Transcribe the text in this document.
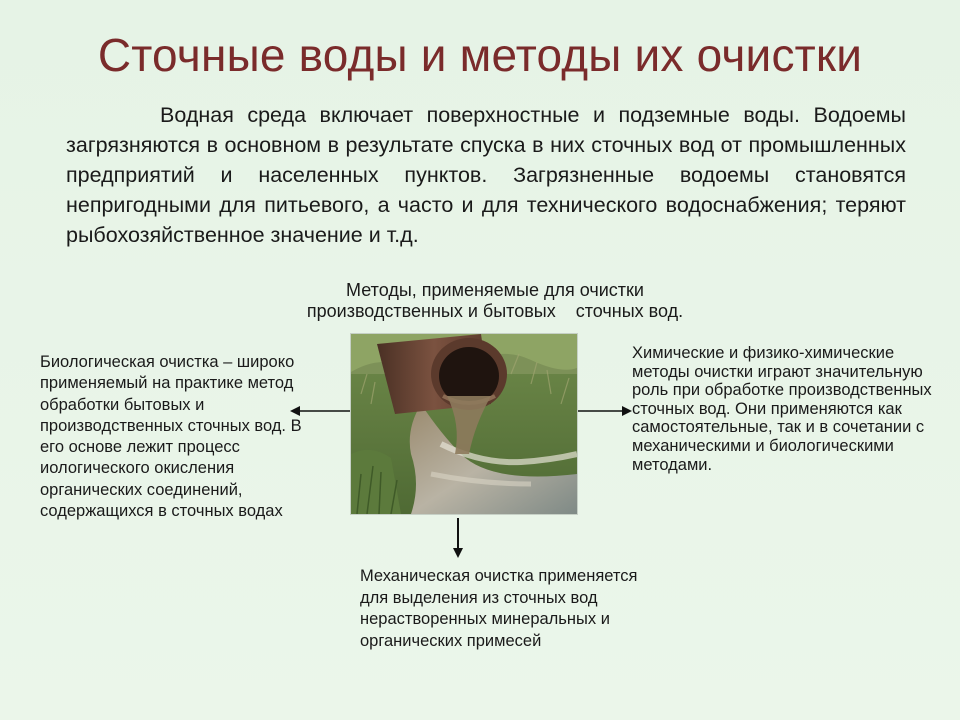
Сточные воды и методы их очистки
Водная среда включает поверхностные и подземные воды. Водоемы загрязняются в основном в результате спуска в них сточных вод от промышленных предприятий и населенных пунктов. Загрязненные водоемы становятся непригодными для питьевого, а часто и для технического водоснабжения; теряют рыбохозяйственное значение и т.д.
Методы, применяемые для очистки
производственных и бытовых    сточных вод.
Биологическая очистка – широко применяемый на практике метод обработки бытовых и производственных сточных вод. В его основе лежит процесс иологического окисления органических соединений, содержащихся в сточных водах
Химические и физико-химические методы очистки играют значительную роль при обработке производственных сточных вод. Они применяются как самостоятельные, так и в сочетании с механическими и биологическими методами.
Механическая очистка применяется для выделения из сточных вод нерастворенных минеральных и органических примесей
